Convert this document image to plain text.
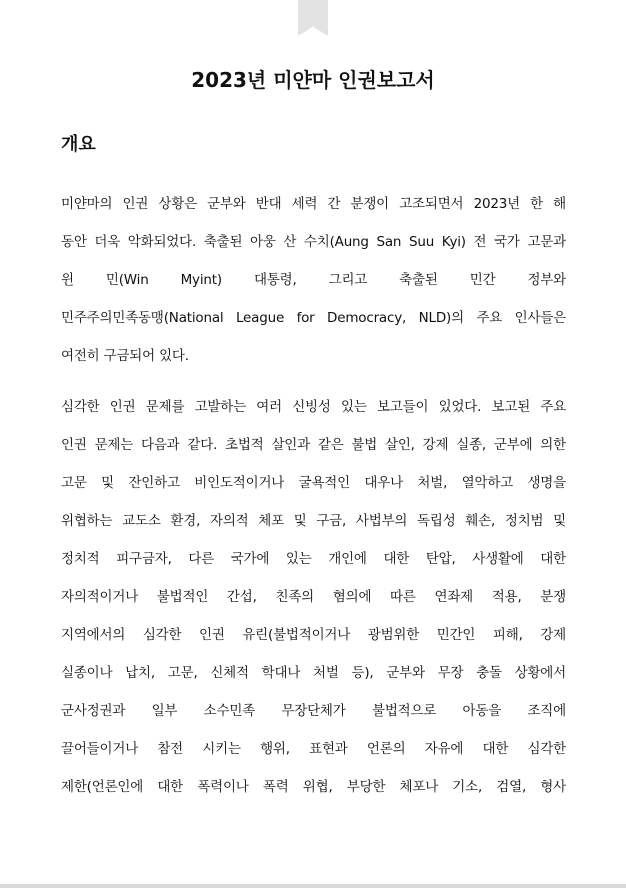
2023년 미얀마 인권보고서
개요
미얀마의 인권 상황은 군부와 반대 세력 간 분쟁이 고조되면서 2023년 한 해
동안 더욱 악화되었다. 축출된 아웅 산 수치(Aung San Suu Kyi) 전 국가 고문과
윈 민(Win Myint) 대통령, 그리고 축출된 민간 정부와
민주주의민족동맹(National League for Democracy, NLD)의 주요 인사들은
여전히 구금되어 있다.
심각한 인권 문제를 고발하는 여러 신빙성 있는 보고들이 있었다. 보고된 주요
인권 문제는 다음과 같다. 초법적 살인과 같은 불법 살인, 강제 실종, 군부에 의한
고문 및 잔인하고 비인도적이거나 굴욕적인 대우나 처벌, 열악하고 생명을
위협하는 교도소 환경, 자의적 체포 및 구금, 사법부의 독립성 훼손, 정치범 및
정치적 피구금자, 다른 국가에 있는 개인에 대한 탄압, 사생활에 대한
자의적이거나 불법적인 간섭, 친족의 혐의에 따른 연좌제 적용, 분쟁
지역에서의 심각한 인권 유린(불법적이거나 광범위한 민간인 피해, 강제
실종이나 납치, 고문, 신체적 학대나 처벌 등), 군부와 무장 충돌 상황에서
군사정권과 일부 소수민족 무장단체가 불법적으로 아동을 조직에
끌어들이거나 참전 시키는 행위, 표현과 언론의 자유에 대한 심각한
제한(언론인에 대한 폭력이나 폭력 위협, 부당한 체포나 기소, 검열, 형사
